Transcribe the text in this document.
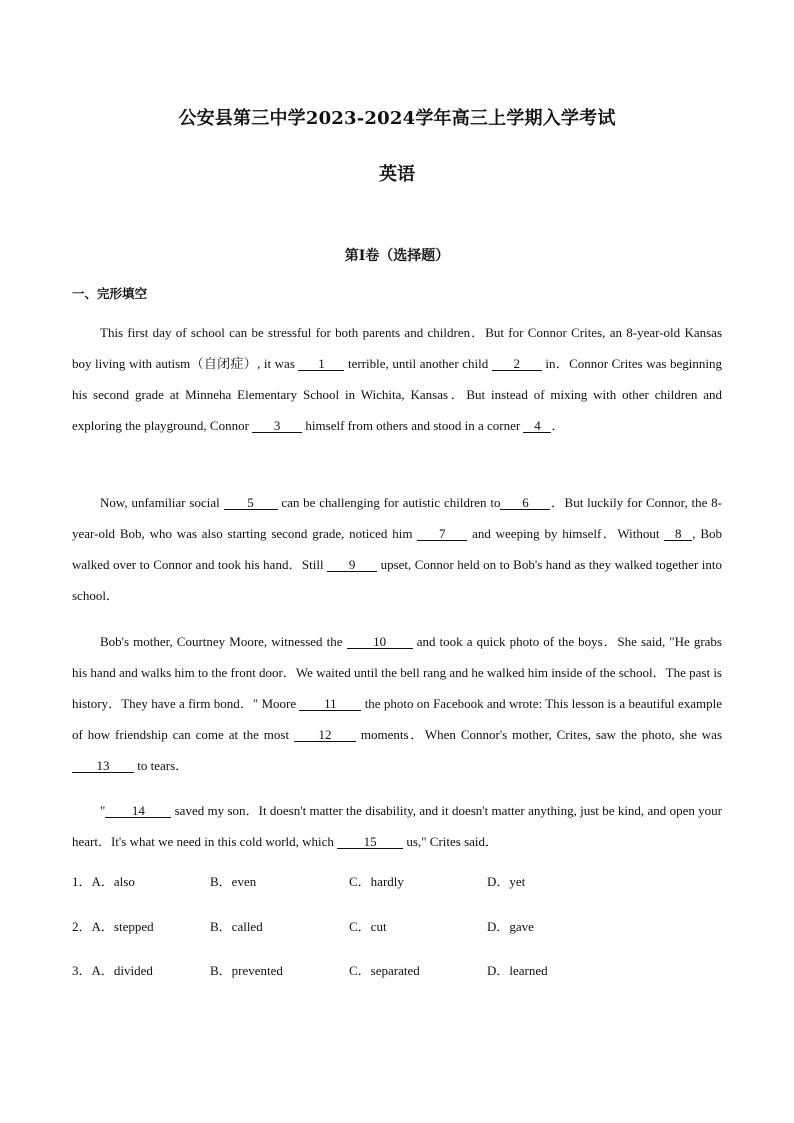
公安县第三中学2023-2024学年高三上学期入学考试
英语
第Ⅰ卷（选择题）
一、完形填空
This first day of school can be stressful for both parents and children．But for Connor Crites, an 8-year-old Kansas boy living with autism（自闭症）, it was 1 terrible, until another child 2 in．Connor Crites was beginning his second grade at Minneha Elementary School in Wichita, Kansas．But instead of mixing with other children and exploring the playground, Connor 3 himself from others and stood in a corner 4 ．
Now, unfamiliar social 5 can be challenging for autistic children to 6 ．But luckily for Connor, the 8-year-old Bob, who was also starting second grade, noticed him 7 and weeping by himself．Without 8 , Bob walked over to Connor and took his hand．Still 9 upset, Connor held on to Bob's hand as they walked together into school．
Bob's mother, Courtney Moore, witnessed the 10 and took a quick photo of the boys．She said, "He grabs his hand and walks him to the front door．We waited until the bell rang and he walked him inside of the school．The past is history．They have a firm bond．" Moore 11 the photo on Facebook and wrote: This lesson is a beautiful example of how friendship can come at the most 12 moments．When Connor's mother, Crites, saw the photo, she was 13 to tears．
" 14 saved my son．It doesn't matter the disability, and it doesn't matter anything, just be kind, and open your heart．It's what we need in this cold world, which 15 us," Crites said．
1．A．also	B．even	C．hardly	D．yet
2．A．stepped	B．called	C．cut	D．gave
3．A．divided	B．prevented	C．separated	D．learned
